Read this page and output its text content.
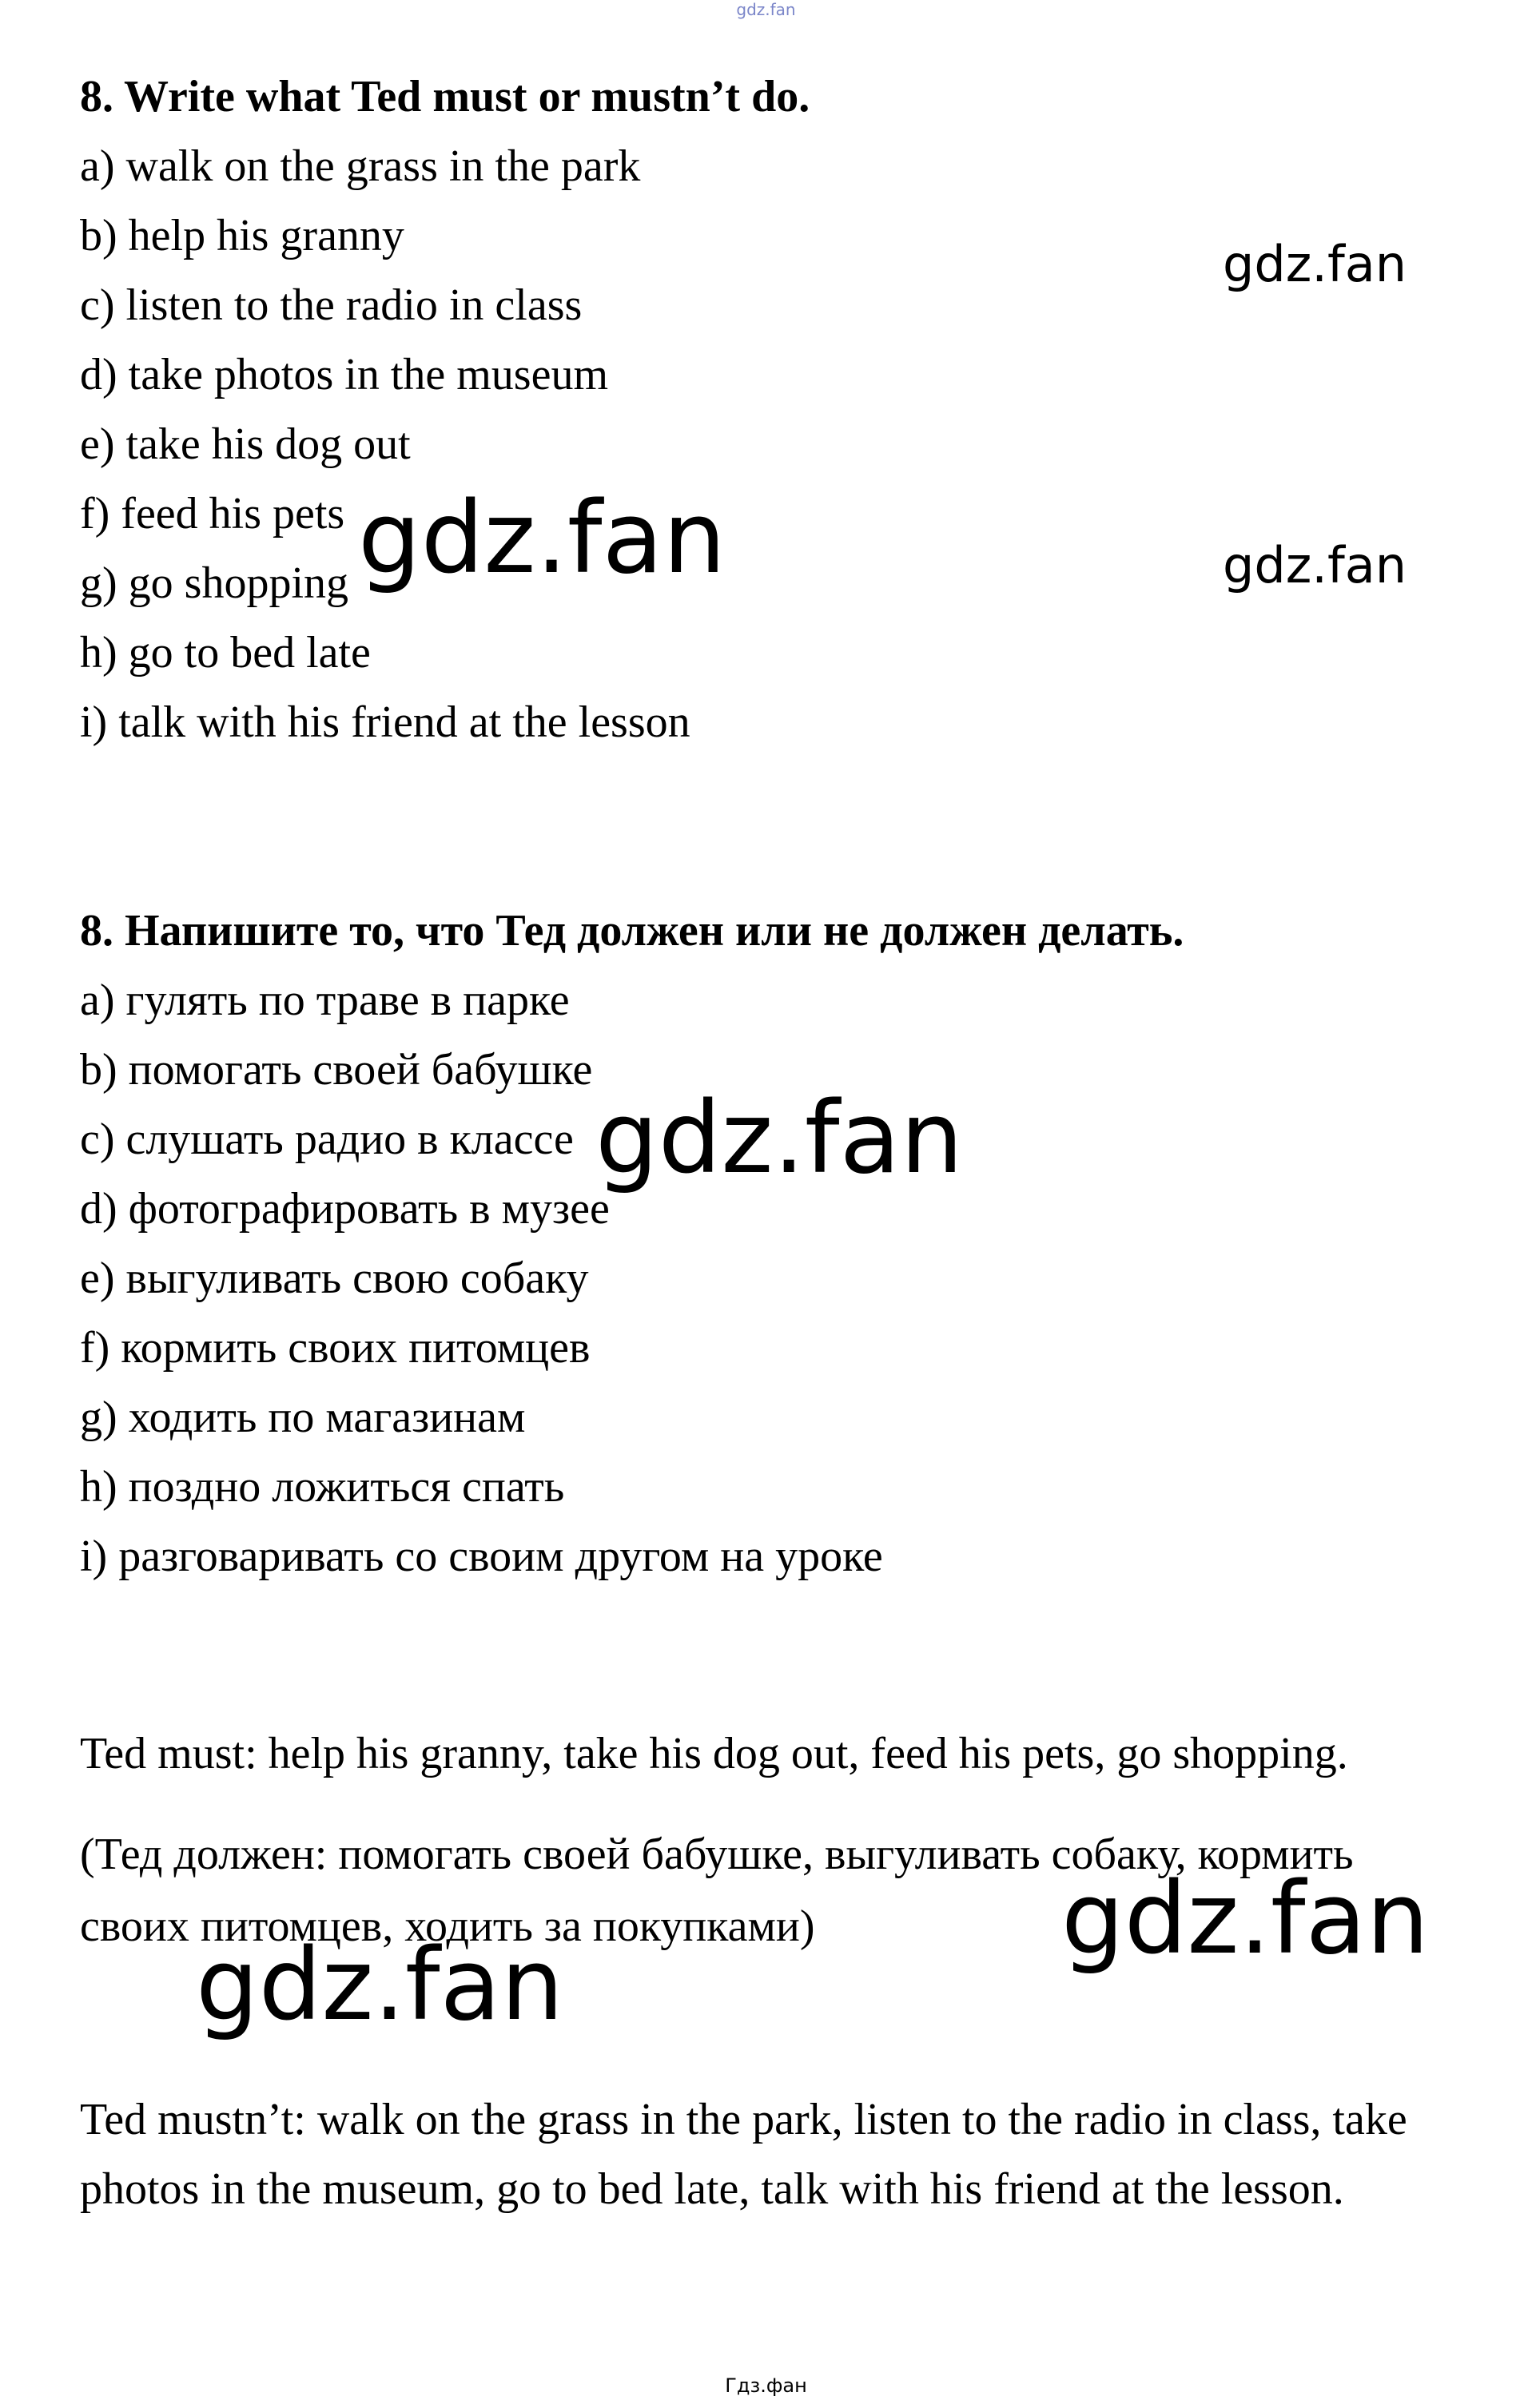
gdz.fan
8. Write what Ted must or mustn’t do.
a) walk on the grass in the park
b) help his granny
c) listen to the radio in class
d) take photos in the museum
e) take his dog out
f) feed his pets
g) go shopping
h) go to bed late
i) talk with his friend at the lesson
8. Напишите то, что Тед должен или не должен делать.
a) гулять по траве в парке
b) помогать своей бабушке
c) слушать радио в классе
d) фотографировать в музее
e) выгуливать свою собаку
f) кормить своих питомцев
g) ходить по магазинам
h) поздно ложиться спать
i) разговаривать со своим другом на уроке
Ted must: help his granny, take his dog out, feed his pets, go shopping.
(Тед должен: помогать своей бабушке, выгуливать собаку, кормить своих питомцев, ходить за покупками)
Ted mustn’t: walk on the grass in the park, listen to the radio in class, take photos in the museum, go to bed late, talk with his friend at the lesson.
gdz.fan
gdz.fan	gdz.fan
gdz.fan
gdz.fan
gdz.fan
Гдз.фан
